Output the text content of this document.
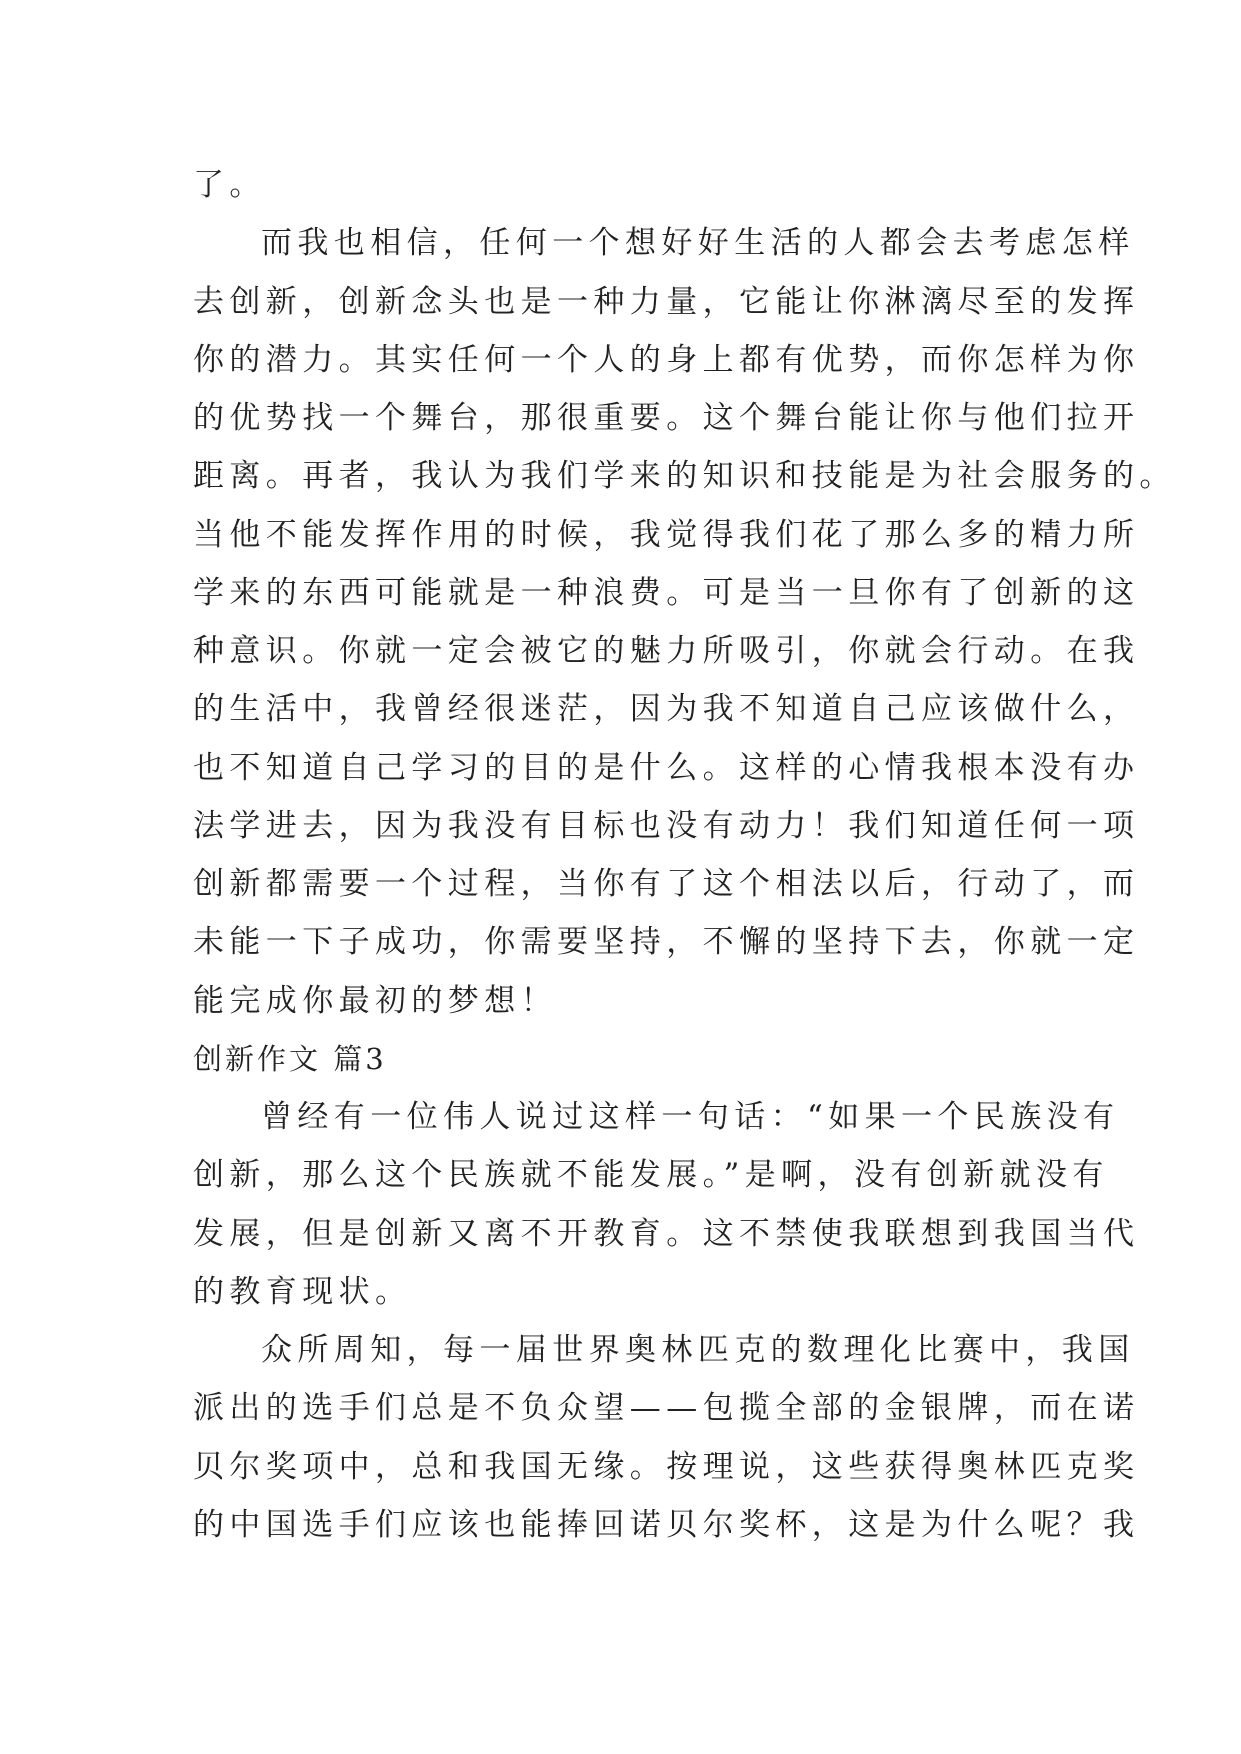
了。
而我也相信，任何一个想好好生活的人都会去考虑怎样
去创新，创新念头也是一种力量，它能让你淋漓尽至的发挥
你的潜力。其实任何一个人的身上都有优势，而你怎样为你
的优势找一个舞台，那很重要。这个舞台能让你与他们拉开
距离。再者，我认为我们学来的知识和技能是为社会服务的。
当他不能发挥作用的时候，我觉得我们花了那么多的精力所
学来的东西可能就是一种浪费。可是当一旦你有了创新的这
种意识。你就一定会被它的魅力所吸引，你就会行动。在我
的生活中，我曾经很迷茫，因为我不知道自己应该做什么，
也不知道自己学习的目的是什么。这样的心情我根本没有办
法学进去，因为我没有目标也没有动力！我们知道任何一项
创新都需要一个过程，当你有了这个相法以后，行动了，而
未能一下子成功，你需要坚持，不懈的坚持下去，你就一定
能完成你最初的梦想！
创新作文 篇3
曾经有一位伟人说过这样一句话：“如果一个民族没有
创新，那么这个民族就不能发展。”是啊，没有创新就没有
发展，但是创新又离不开教育。这不禁使我联想到我国当代
的教育现状。
众所周知，每一届世界奥林匹克的数理化比赛中，我国
派出的选手们总是不负众望——包揽全部的金银牌，而在诺
贝尔奖项中，总和我国无缘。按理说，这些获得奥林匹克奖
的中国选手们应该也能捧回诺贝尔奖杯，这是为什么呢？我
